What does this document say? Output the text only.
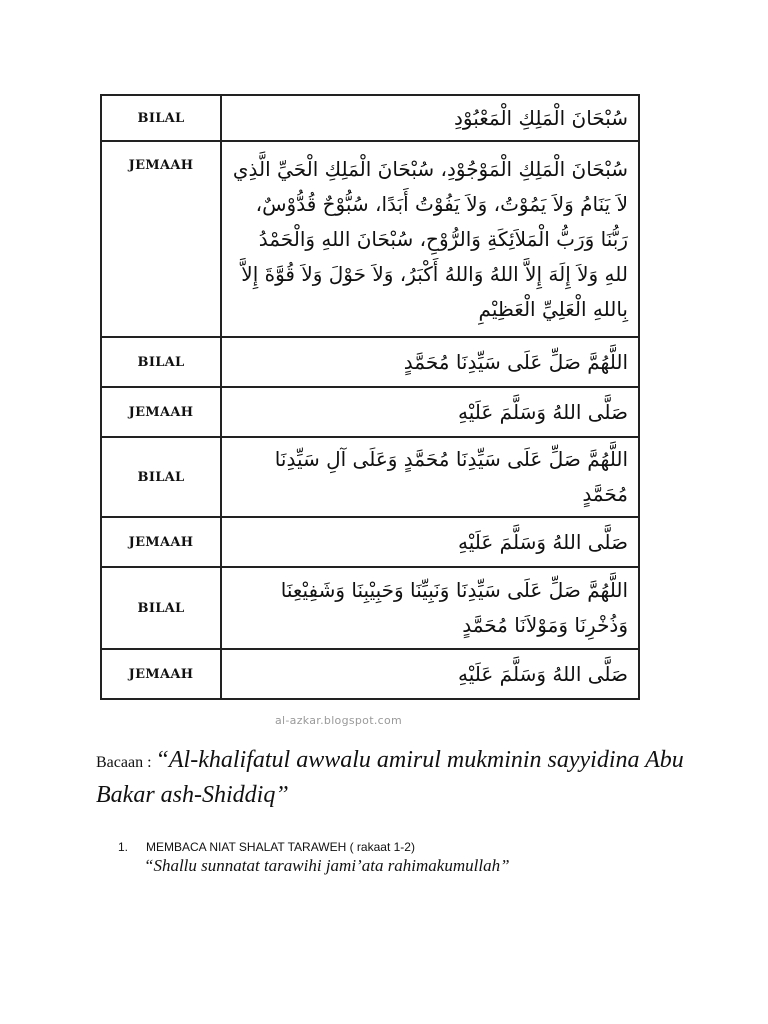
BILAL	سُبْحَانَ الْمَلِكِ الْمَعْبُوْدِ
JEMAAH	سُبْحَانَ الْمَلِكِ الْمَوْجُوْدِ، سُبْحَانَ الْمَلِكِ الْحَيِّ الَّذِي لاَ يَنَامُ وَلاَ يَمُوْتُ، وَلاَ يَفُوْتُ أَبَدًا، سُبُّوْحٌ قُدُّوْسٌ، رَبُّنَا وَرَبُّ الْمَلاَئِكَةِ وَالرُّوْحِ، سُبْحَانَ اللهِ وَالْحَمْدُ للهِ وَلاَ إِلَهَ إِلاَّ اللهُ وَاللهُ أَكْبَرُ، وَلاَ حَوْلَ وَلاَ قُوَّةَ إِلاَّ بِاللهِ الْعَلِيِّ الْعَظِيْمِ
BILAL	اللَّهُمَّ صَلِّ عَلَى سَيِّدِنَا مُحَمَّدٍ
JEMAAH	صَلَّى اللهُ وَسَلَّمَ عَلَيْهِ
BILAL	اللَّهُمَّ صَلِّ عَلَى سَيِّدِنَا مُحَمَّدٍ وَعَلَى آلِ سَيِّدِنَا مُحَمَّدٍ
JEMAAH	صَلَّى اللهُ وَسَلَّمَ عَلَيْهِ
BILAL	اللَّهُمَّ صَلِّ عَلَى سَيِّدِنَا وَنَبِيِّنَا وَحَبِيْبِنَا وَشَفِيْعِنَا وَذُخْرِنَا وَمَوْلاَنَا مُحَمَّدٍ
JEMAAH	صَلَّى اللهُ وَسَلَّمَ عَلَيْهِ
al-azkar.blogspot.com
Bacaan : “Al-khalifatul awwalu amirul mukminin sayyidina Abu Bakar ash-Shiddiq”
1. MEMBACA NIAT SHALAT TARAWEH ( rakaat 1-2)
“Shallu sunnatat tarawihi jami’ata rahimakumullah”
